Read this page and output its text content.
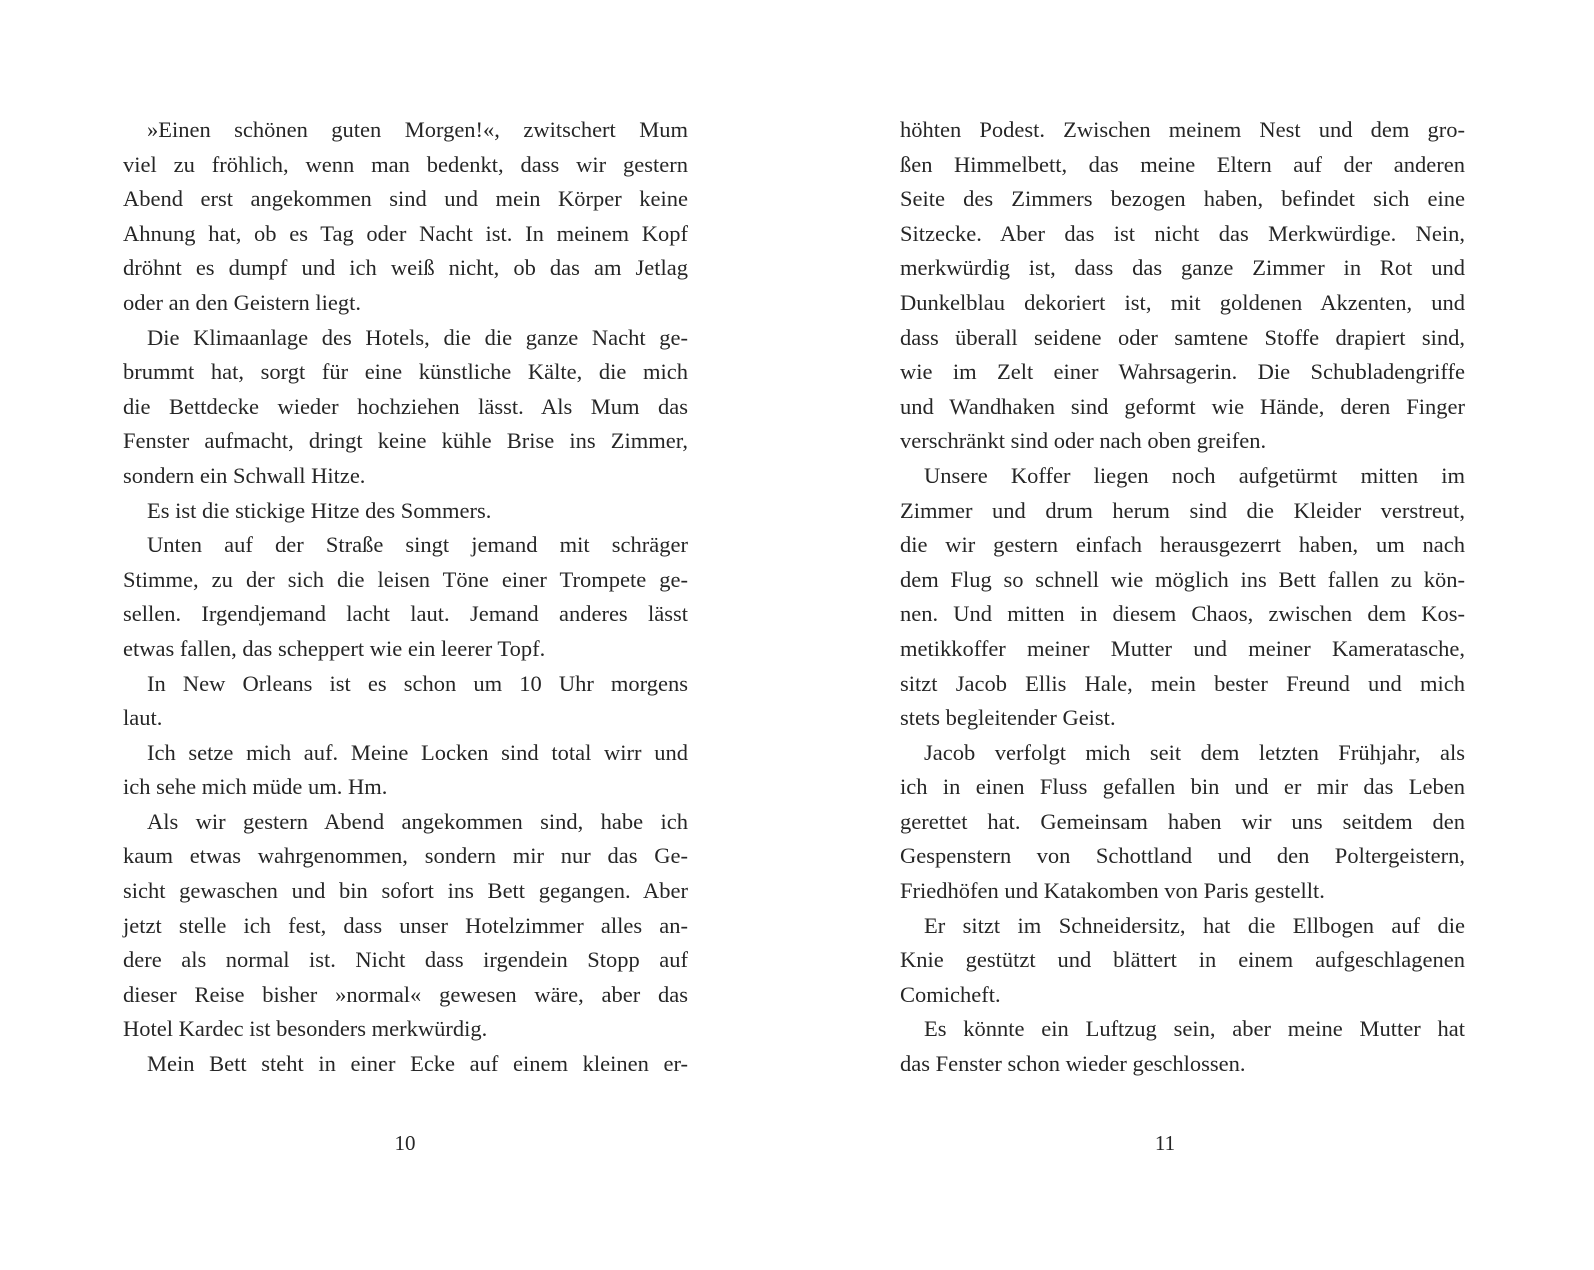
»Einen schönen guten Morgen!«, zwitschert Mum
viel zu fröhlich, wenn man bedenkt, dass wir gestern
Abend erst angekommen sind und mein Körper keine
Ahnung hat, ob es Tag oder Nacht ist. In meinem Kopf
dröhnt es dumpf und ich weiß nicht, ob das am Jetlag
oder an den Geistern liegt.
Die Klimaanlage des Hotels, die die ganze Nacht ge-
brummt hat, sorgt für eine künstliche Kälte, die mich
die Bettdecke wieder hochziehen lässt. Als Mum das
Fenster aufmacht, dringt keine kühle Brise ins Zimmer,
sondern ein Schwall Hitze.
Es ist die stickige Hitze des Sommers.
Unten auf der Straße singt jemand mit schräger
Stimme, zu der sich die leisen Töne einer Trompete ge-
sellen. Irgendjemand lacht laut. Jemand anderes lässt
etwas fallen, das scheppert wie ein leerer Topf.
In New Orleans ist es schon um 10 Uhr morgens
laut.
Ich setze mich auf. Meine Locken sind total wirr und
ich sehe mich müde um. Hm.
Als wir gestern Abend angekommen sind, habe ich
kaum etwas wahrgenommen, sondern mir nur das Ge-
sicht gewaschen und bin sofort ins Bett gegangen. Aber
jetzt stelle ich fest, dass unser Hotelzimmer alles an-
dere als normal ist. Nicht dass irgendein Stopp auf
dieser Reise bisher »normal« gewesen wäre, aber das
Hotel Kardec ist besonders merkwürdig.
Mein Bett steht in einer Ecke auf einem kleinen er-
10
höhten Podest. Zwischen meinem Nest und dem gro-
ßen Himmelbett, das meine Eltern auf der anderen
Seite des Zimmers bezogen haben, befindet sich eine
Sitzecke. Aber das ist nicht das Merkwürdige. Nein,
merkwürdig ist, dass das ganze Zimmer in Rot und
Dunkelblau dekoriert ist, mit goldenen Akzenten, und
dass überall seidene oder samtene Stoffe drapiert sind,
wie im Zelt einer Wahrsagerin. Die Schubladengriffe
und Wandhaken sind geformt wie Hände, deren Finger
verschränkt sind oder nach oben greifen.
Unsere Koffer liegen noch aufgetürmt mitten im
Zimmer und drum herum sind die Kleider verstreut,
die wir gestern einfach herausgezerrt haben, um nach
dem Flug so schnell wie möglich ins Bett fallen zu kön-
nen. Und mitten in diesem Chaos, zwischen dem Kos-
metikkoffer meiner Mutter und meiner Kameratasche,
sitzt Jacob Ellis Hale, mein bester Freund und mich
stets begleitender Geist.
Jacob verfolgt mich seit dem letzten Frühjahr, als
ich in einen Fluss gefallen bin und er mir das Leben
gerettet hat. Gemeinsam haben wir uns seitdem den
Gespenstern von Schottland und den Poltergeistern,
Friedhöfen und Katakomben von Paris gestellt.
Er sitzt im Schneidersitz, hat die Ellbogen auf die
Knie gestützt und blättert in einem aufgeschlagenen
Comicheft.
Es könnte ein Luftzug sein, aber meine Mutter hat
das Fenster schon wieder geschlossen.
11
